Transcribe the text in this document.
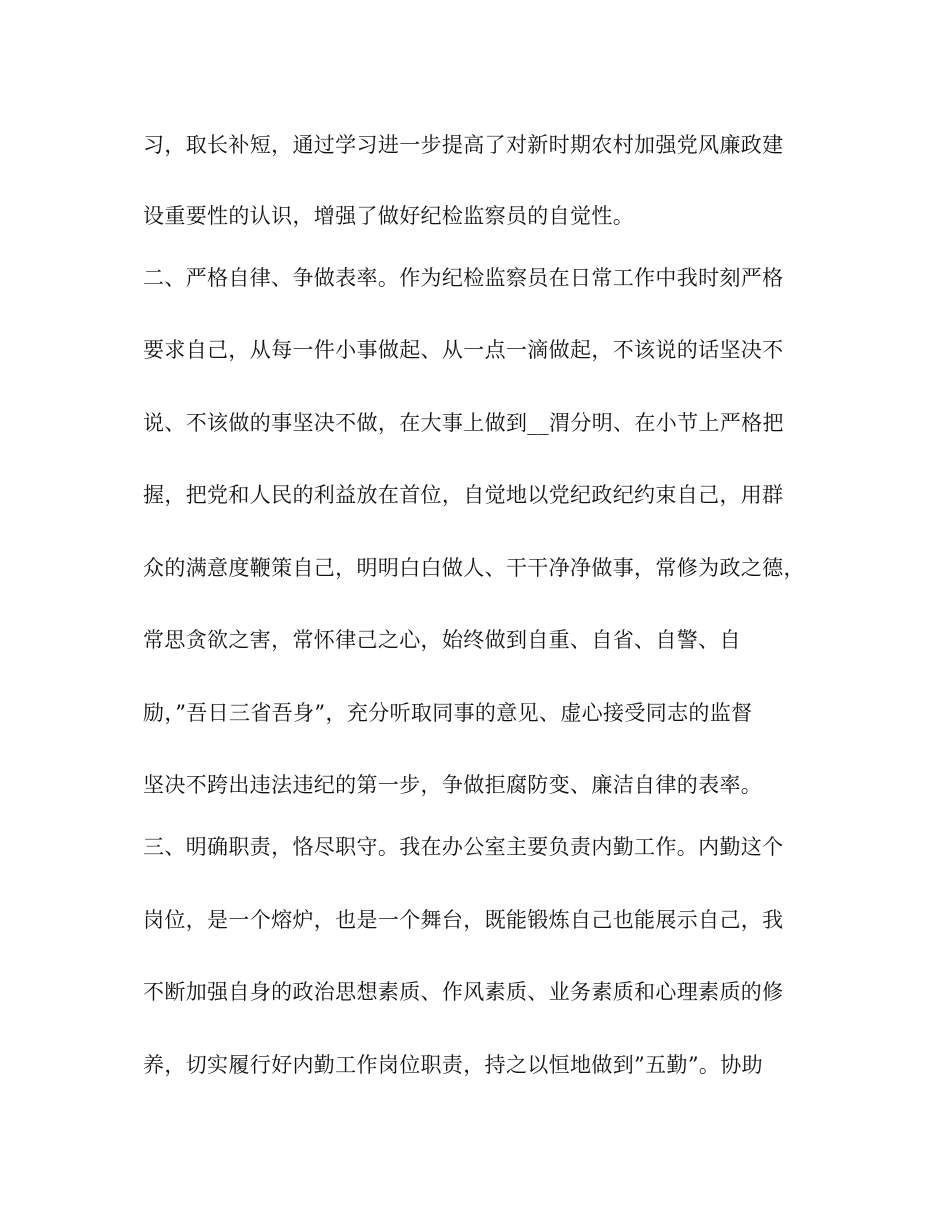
习，取长补短，通过学习进一步提高了对新时期农村加强党风廉政建
设重要性的认识，增强了做好纪检监察员的自觉性。
二、严格自律、争做表率。作为纪检监察员在日常工作中我时刻严格
要求自己，从每一件小事做起、从一点一滴做起，不该说的话坚决不
说、不该做的事坚决不做，在大事上做到__渭分明、在小节上严格把
握，把党和人民的利益放在首位，自觉地以党纪政纪约束自己，用群
众的满意度鞭策自己，明明白白做人、干干净净做事，常修为政之德，
常思贪欲之害，常怀律己之心，始终做到自重、自省、自警、自
励，”吾日三省吾身”，充分听取同事的意见、虚心接受同志的监督
坚决不跨出违法违纪的第一步，争做拒腐防变、廉洁自律的表率。
三、明确职责，恪尽职守。我在办公室主要负责内勤工作。内勤这个
岗位，是一个熔炉，也是一个舞台，既能锻炼自己也能展示自己，我
不断加强自身的政治思想素质、作风素质、业务素质和心理素质的修
养，切实履行好内勤工作岗位职责，持之以恒地做到”五勤”。协助
